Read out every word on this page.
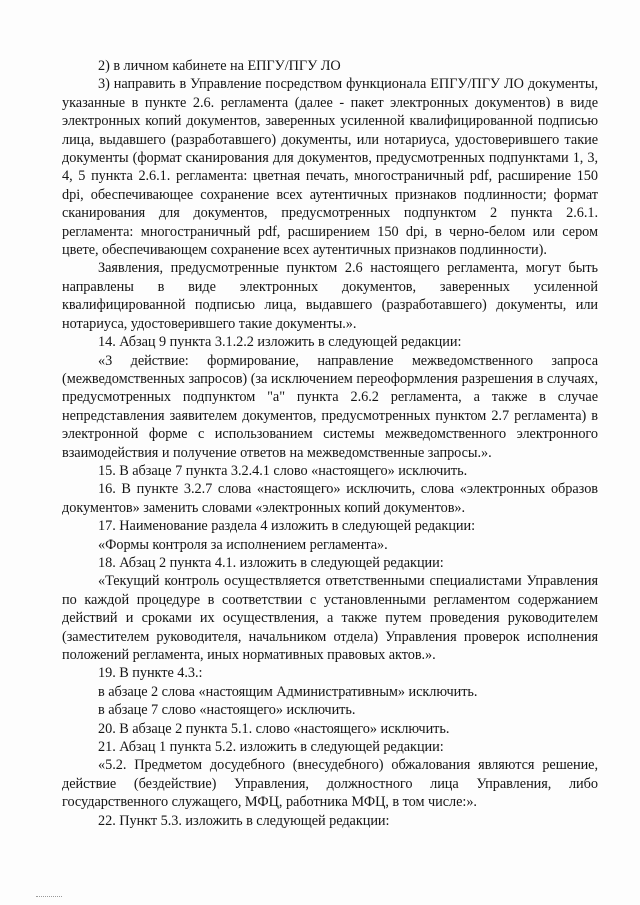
2) в личном кабинете на ЕПГУ/ПГУ ЛО

3) направить в Управление посредством функционала ЕПГУ/ПГУ ЛО документы, указанные в пункте 2.6. регламента (далее - пакет электронных документов) в виде электронных копий документов, заверенных усиленной квалифицированной подписью лица, выдавшего (разработавшего) документы, или нотариуса, удостоверившего такие документы (формат сканирования для документов, предусмотренных подпунктами 1, 3, 4, 5 пункта 2.6.1. регламента: цветная печать, многостраничный pdf, расширение 150 dpi, обеспечивающее сохранение всех аутентичных признаков подлинности; формат сканирования для документов, предусмотренных подпунктом 2 пункта 2.6.1. регламента: многостраничный pdf, расширением 150 dpi, в черно-белом или сером цвете, обеспечивающем сохранение всех аутентичных признаков подлинности).

Заявления, предусмотренные пунктом 2.6 настоящего регламента, могут быть направлены в виде электронных документов, заверенных усиленной квалифицированной подписью лица, выдавшего (разработавшего) документы, или нотариуса, удостоверившего такие документы.».

14. Абзац 9 пункта 3.1.2.2 изложить в следующей редакции:

«3 действие: формирование, направление межведомственного запроса (межведомственных запросов) (за исключением переоформления разрешения в случаях, предусмотренных подпунктом "а" пункта 2.6.2 регламента, а также в случае непредставления заявителем документов, предусмотренных пунктом 2.7 регламента) в электронной форме с использованием системы межведомственного электронного взаимодействия и получение ответов на межведомственные запросы.».

15. В абзаце 7 пункта 3.2.4.1 слово «настоящего» исключить.

16. В пункте 3.2.7 слова «настоящего» исключить, слова «электронных образов документов» заменить словами «электронных копий документов».

17. Наименование раздела 4 изложить в следующей редакции:

«Формы контроля за исполнением регламента».

18. Абзац 2 пункта 4.1. изложить в следующей редакции:

«Текущий контроль осуществляется ответственными специалистами Управления по каждой процедуре в соответствии с установленными регламентом содержанием действий и сроками их осуществления, а также путем проведения руководителем (заместителем руководителя, начальником отдела) Управления проверок исполнения положений регламента, иных нормативных правовых актов.».

19. В пункте 4.3.:

в абзаце 2 слова «настоящим Административным» исключить.

в абзаце 7 слово «настоящего» исключить.

20. В абзаце 2 пункта 5.1. слово «настоящего» исключить.

21. Абзац 1 пункта 5.2. изложить в следующей редакции:

«5.2. Предметом досудебного (внесудебного) обжалования являются решение, действие (бездействие) Управления, должностного лица Управления, либо государственного служащего, МФЦ, работника МФЦ, в том числе:».

22. Пункт 5.3. изложить в следующей редакции:
